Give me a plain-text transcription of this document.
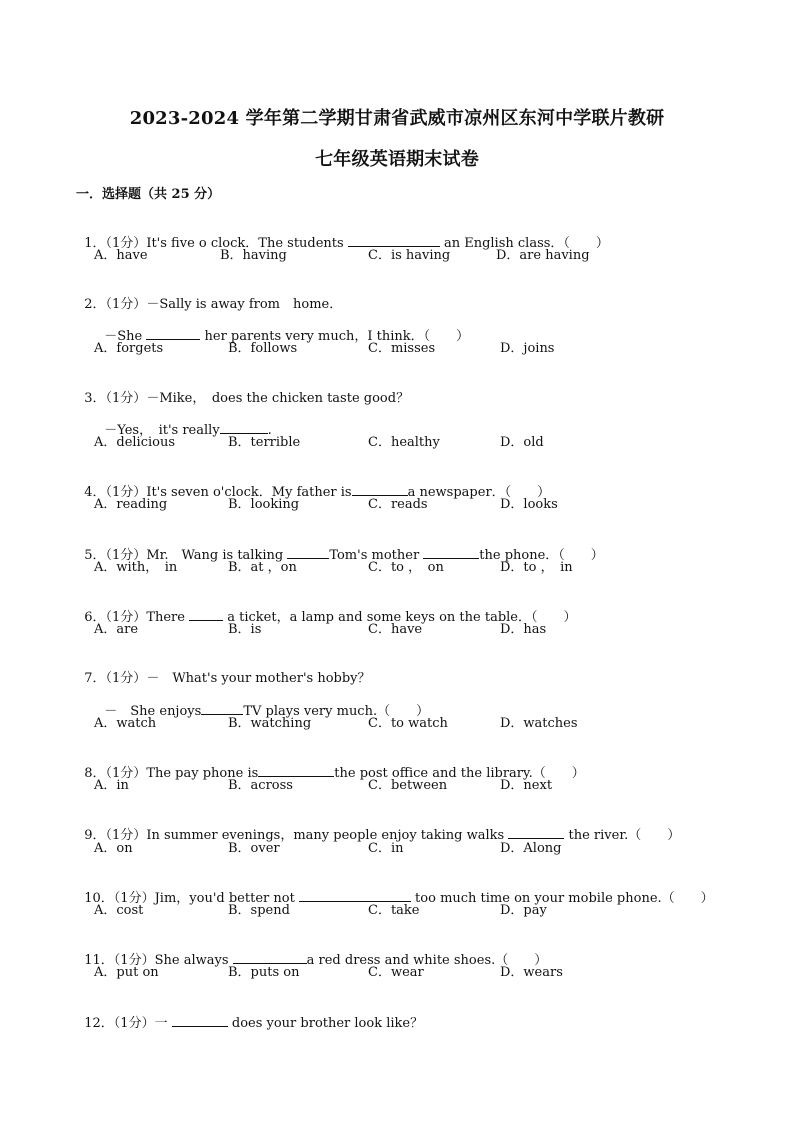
2023-2024 学年第二学期甘肃省武威市凉州区东河中学联片教研
七年级英语期末试卷
一．选择题（共 25 分）

1．（1分）It's five o clock．The students	an English class．（　　）

A．have	B．having	C．is having	D．are having

2．（1分）－Sally is away from　home．

－She	her parents very much，I think．（　　）

A．forgets	B．follows	C．misses	D．joins

3．（1分）－Mike，　does the chicken taste good？

－Yes，　it's really	.

A．delicious	B．terrible	C．healthy	D．old

4．（1分）It's seven o'clock．My father is	a newspaper．（　　）

A．reading	B．looking	C．reads	D．looks

5．（1分）Mr.　Wang is talking	Tom's mother	the phone．（　　）

A．with，　in	B．at ，on	C．to ，　on	D．to ，　in

6．（1分）There	a ticket，a lamp and some keys on the table．（　　）

A．are	B．is	C．have	D．has

7．（1分）－　What's your mother's hobby？

－　She enjoys	TV plays very much.（　　）

A．watch	B．watching	C．to watch	D．watches

8．（1分）The pay phone is	the post office and the library.（　　）

A．in	B．across	C．between	D．next

9．（1分）In summer evenings，many people enjoy taking walks	the river.（　　）

A．on	B．over	C．in	D．Along

10．（1分）Jim，you'd better not	too much time on your mobile phone.（　　）

A．cost	B．spend	C．take	D．pay

11．（1分）She always	a red dress and white shoes.（　　）

A．put on	B．puts on	C．wear	D．wears

12．（1分）一	does your brother look like？
